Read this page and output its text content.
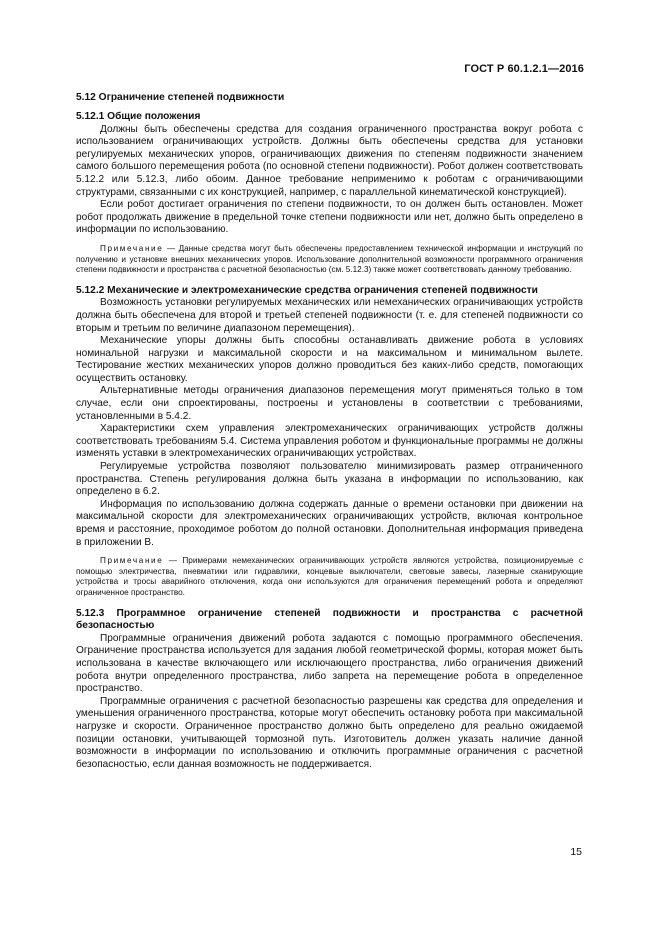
ГОСТ Р 60.1.2.1—2016

5.12 Ограничение степеней подвижности

5.12.1 Общие положения

Должны быть обеспечены средства для создания ограниченного пространства вокруг робота с использованием ограничивающих устройств. Должны быть обеспечены средства для установки регулируемых механических упоров, ограничивающих движения по степеням подвижности значением самого большого перемещения робота (по основной степени подвижности). Робот должен соответствовать 5.12.2 или 5.12.3, либо обоим. Данное требование неприменимо к роботам с ограничивающими структурами, связанными с их конструкцией, например, с параллельной кинематической конструкцией).

Если робот достигает ограничения по степени подвижности, то он должен быть остановлен. Может робот продолжать движение в предельной точке степени подвижности или нет, должно быть определено в информации по использованию.

Примечание — Данные средства могут быть обеспечены предоставлением технической информации и инструкций по получению и установке внешних механических упоров. Использование дополнительной возможности программного ограничения степени подвижности и пространства с расчетной безопасностью (см. 5.12.3) также может соответствовать данному требованию.

5.12.2 Механические и электромеханические средства ограничения степеней подвижности

Возможность установки регулируемых механических или немеханических ограничивающих устройств должна быть обеспечена для второй и третьей степеней подвижности (т. е. для степеней подвижности со вторым и третьим по величине диапазоном перемещения).

Механические упоры должны быть способны останавливать движение робота в условиях номинальной нагрузки и максимальной скорости и на максимальном и минимальном вылете. Тестирование жестких механических упоров должно проводиться без каких-либо средств, помогающих осуществить остановку.

Альтернативные методы ограничения диапазонов перемещения могут применяться только в том случае, если они спроектированы, построены и установлены в соответствии с требованиями, установленными в 5.4.2.

Характеристики схем управления электромеханических ограничивающих устройств должны соответствовать требованиям 5.4. Система управления роботом и функциональные программы не должны изменять уставки в электромеханических ограничивающих устройствах.

Регулируемые устройства позволяют пользователю минимизировать размер отграниченного пространства. Степень регулирования должна быть указана в информации по использованию, как определено в 6.2.

Информация по использованию должна содержать данные о времени остановки при движении на максимальной скорости для электромеханических ограничивающих устройств, включая контрольное время и расстояние, проходимое роботом до полной остановки. Дополнительная информация приведена в приложении В.

Примечание — Примерами немеханических ограничивающих устройств являются устройства, позиционируемые с помощью электричества, пневматики или гидравлики, концевые выключатели, световые завесы, лазерные сканирующие устройства и тросы аварийного отключения, когда они используются для ограничения перемещений робота и определяют ограниченное пространство.

5.12.3 Программное ограничение степеней подвижности и пространства с расчетной безопасностью

Программные ограничения движений робота задаются с помощью программного обеспечения. Ограничение пространства используется для задания любой геометрической формы, которая может быть использована в качестве включающего или исключающего пространства, либо ограничения движений робота внутри определенного пространства, либо запрета на перемещение робота в определенное пространство.

Программные ограничения с расчетной безопасностью разрешены как средства для определения и уменьшения ограниченного пространства, которые могут обеспечить остановку робота при максимальной нагрузке и скорости. Ограниченное пространство должно быть определено для реально ожидаемой позиции остановки, учитывающей тормозной путь. Изготовитель должен указать наличие данной возможности в информации по использованию и отключить программные ограничения с расчетной безопасностью, если данная возможность не поддерживается.

15
